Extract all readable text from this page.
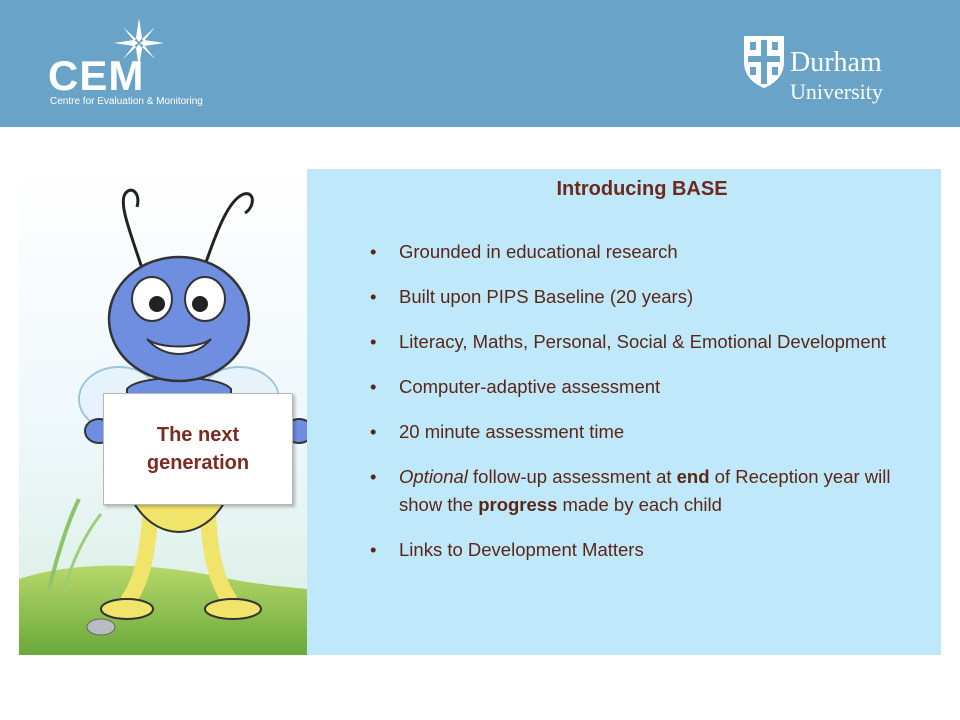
CEM
Centre for Evaluation & Monitoring
Durham
University
The next generation
Introducing BASE
• Grounded in educational research
• Built upon PIPS Baseline (20 years)
• Literacy, Maths, Personal, Social & Emotional Development
• Computer-adaptive assessment
• 20 minute assessment time
• Optional follow-up assessment at end of Reception year will show the progress made by each child
• Links to Development Matters
